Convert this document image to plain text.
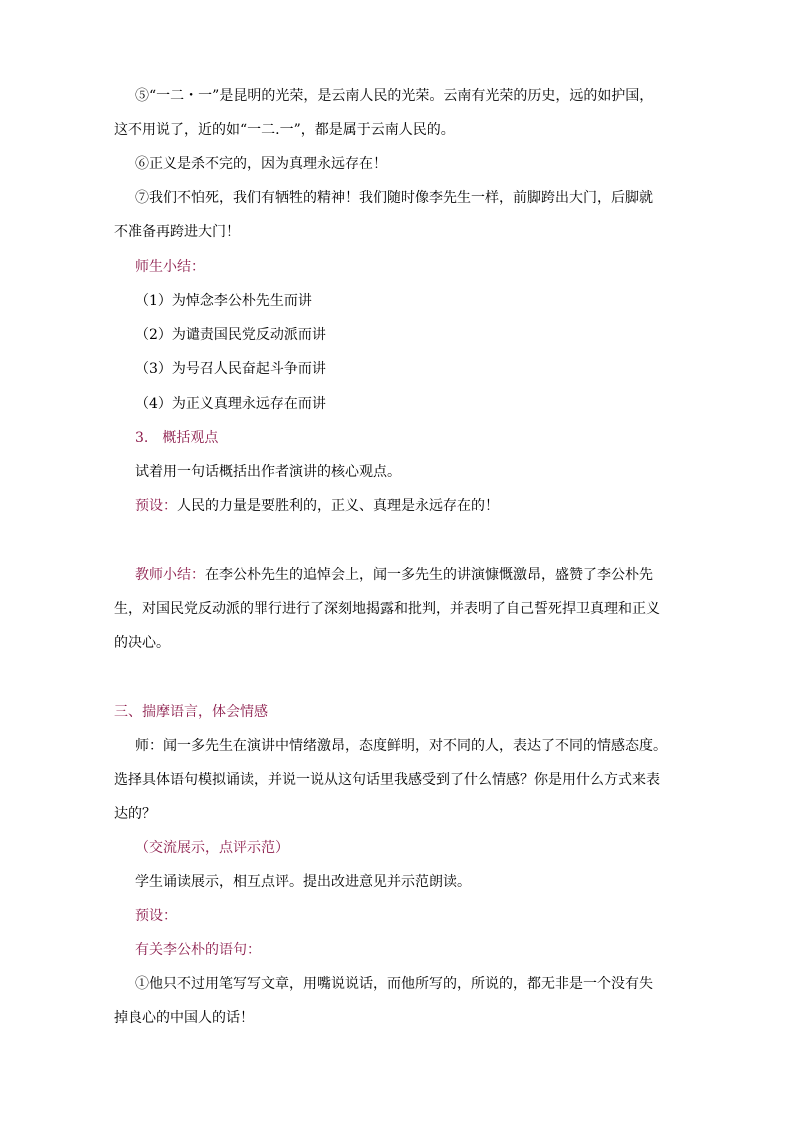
⑤“一二・一”是昆明的光荣，是云南人民的光荣。云南有光荣的历史，远的如护国，

这不用说了，近的如“一二.一”，都是属于云南人民的。

⑥正义是杀不完的，因为真理永远存在！

⑦我们不怕死，我们有牺牲的精神！我们随时像李先生一样，前脚跨出大门，后脚就

不准备再跨进大门！

师生小结：

（1）为悼念李公朴先生而讲

（2）为谴责国民党反动派而讲

（3）为号召人民奋起斗争而讲

（4）为正义真理永远存在而讲

3.　概括观点

试着用一句话概括出作者演讲的核心观点。

预设：人民的力量是要胜利的，正义、真理是永远存在的！

教师小结：在李公朴先生的追悼会上，闻一多先生的讲演慷慨激昂，盛赞了李公朴先

生，对国民党反动派的罪行进行了深刻地揭露和批判，并表明了自己誓死捍卫真理和正义

的决心。

三、揣摩语言，体会情感

师：闻一多先生在演讲中情绪激昂，态度鲜明，对不同的人，表达了不同的情感态度。

选择具体语句模拟诵读，并说一说从这句话里我感受到了什么情感？你是用什么方式来表

达的？

（交流展示，点评示范）

学生诵读展示，相互点评。提出改进意见并示范朗读。

预设：

有关李公朴的语句：

①他只不过用笔写写文章，用嘴说说话，而他所写的，所说的，都无非是一个没有失

掉良心的中国人的话！
